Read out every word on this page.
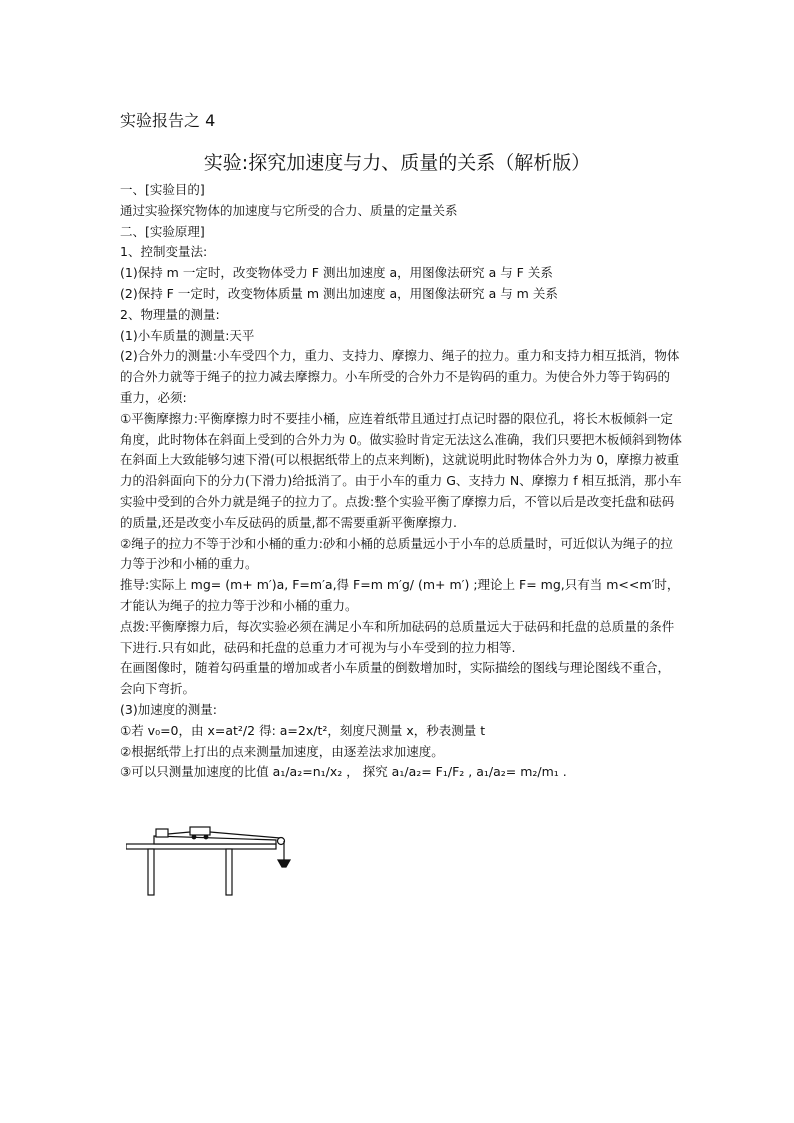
实验报告之 4
实验:探究加速度与力、质量的关系（解析版）

一、[实验目的]

通过实验探究物体的加速度与它所受的合力、质量的定量关系

二、[实验原理]

1、控制变量法:

(1)保持 m 一定时，改变物体受力 F 测出加速度 a，用图像法研究 a 与 F 关系

(2)保持 F 一定时，改变物体质量 m 测出加速度 a，用图像法研究 a 与 m 关系

2、物理量的测量:

(1)小车质量的测量:天平

(2)合外力的测量:小车受四个力，重力、支持力、摩擦力、绳子的拉力。重力和支持力相互抵消，物体的合外力就等于绳子的拉力减去摩擦力。小车所受的合外力不是钩码的重力。为使合外力等于钩码的重力，必须:

①平衡摩擦力:平衡摩擦力时不要挂小桶，应连着纸带且通过打点记时器的限位孔，将长木板倾斜一定角度，此时物体在斜面上受到的合外力为 0。做实验时肯定无法这么准确，我们只要把木板倾斜到物体在斜面上大致能够匀速下滑(可以根据纸带上的点来判断)，这就说明此时物体合外力为 0，摩擦力被重力的沿斜面向下的分力(下滑力)给抵消了。由于小车的重力 G、支持力 N、摩擦力 f 相互抵消，那小车实验中受到的合外力就是绳子的拉力了。点拨:整个实验平衡了摩擦力后，不管以后是改变托盘和砝码的质量,还是改变小车反砝码的质量,都不需要重新平衡摩擦力.

②绳子的拉力不等于沙和小桶的重力:砂和小桶的总质量远小于小车的总质量时，可近似认为绳子的拉力等于沙和小桶的重力。

推导:实际上 mg= (m+ m′)a, F=m′a,得 F=m m′g/ (m+ m′) ;理论上 F= mg,只有当 m<<m′时，才能认为绳子的拉力等于沙和小桶的重力。

点拨:平衡摩擦力后，每次实验必须在满足小车和所加砝码的总质量远大于砝码和托盘的总质量的条件下进行.只有如此，砝码和托盘的总重力才可视为与小车受到的拉力相等.

在画图像时，随着勾码重量的增加或者小车质量的倒数增加时，实际描绘的图线与理论图线不重合，会向下弯折。

(3)加速度的测量:

①若 v₀=0，由 x=at²/2 得: a=2x/t²，刻度尺测量 x，秒表测量 t

②根据纸带上打出的点来测量加速度，由逐差法求加速度。

③可以只测量加速度的比值 a₁/a₂=n₁/x₂ ， 探究 a₁/a₂= F₁/F₂ , a₁/a₂= m₂/m₁ .
